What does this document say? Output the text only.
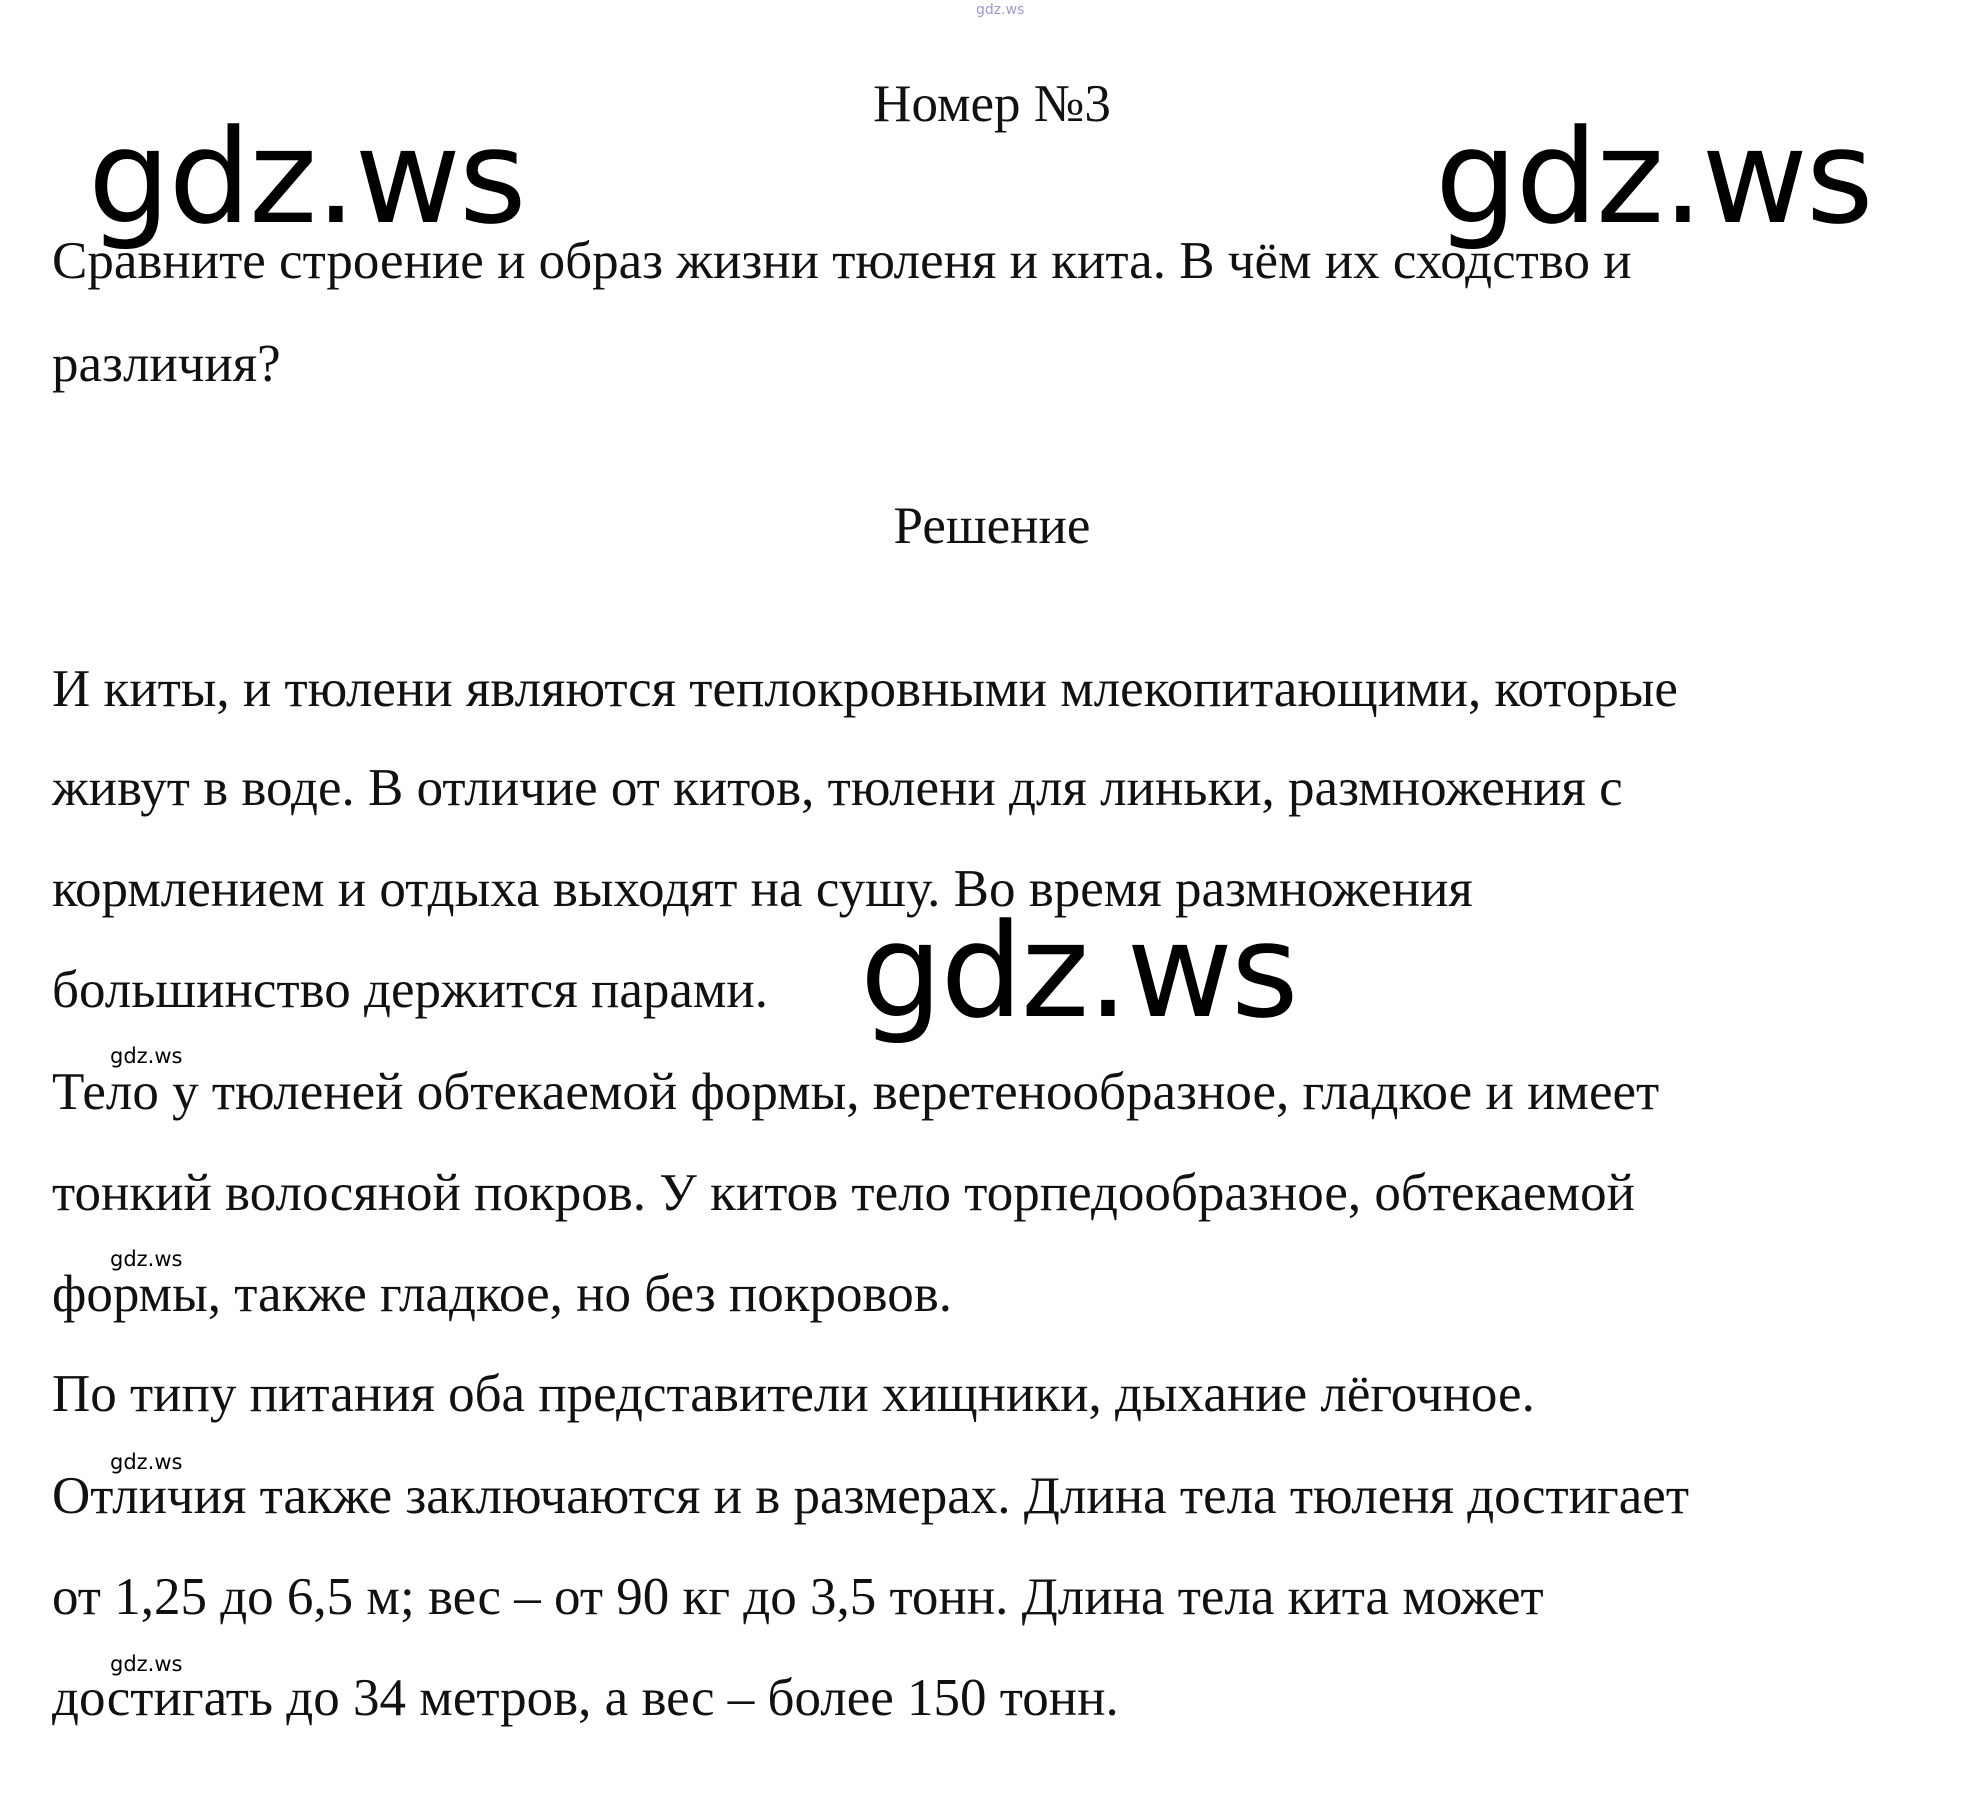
gdz.ws
Номер №3
Сравните строение и образ жизни тюленя и кита. В чём их сходство и
различия?
Решение
И киты, и тюлени являются теплокровными млекопитающими, которые
живут в воде. В отличие от китов, тюлени для линьки, размножения с
кормлением и отдыха выходят на сушу. Во время размножения
большинство держится парами.
Тело у тюленей обтекаемой формы, веретенообразное, гладкое и имеет
тонкий волосяной покров. У китов тело торпедообразное, обтекаемой
формы, также гладкое, но без покровов.
По типу питания оба представители хищники, дыхание лёгочное.
Отличия также заключаются и в размерах. Длина тела тюленя достигает
от 1,25 до 6,5 м; вес – от 90 кг до 3,5 тонн. Длина тела кита может
достигать до 34 метров, а вес – более 150 тонн.
gdz.ws	gdz.ws
gdz.ws
gdz.ws
gdz.ws
gdz.ws
gdz.ws
